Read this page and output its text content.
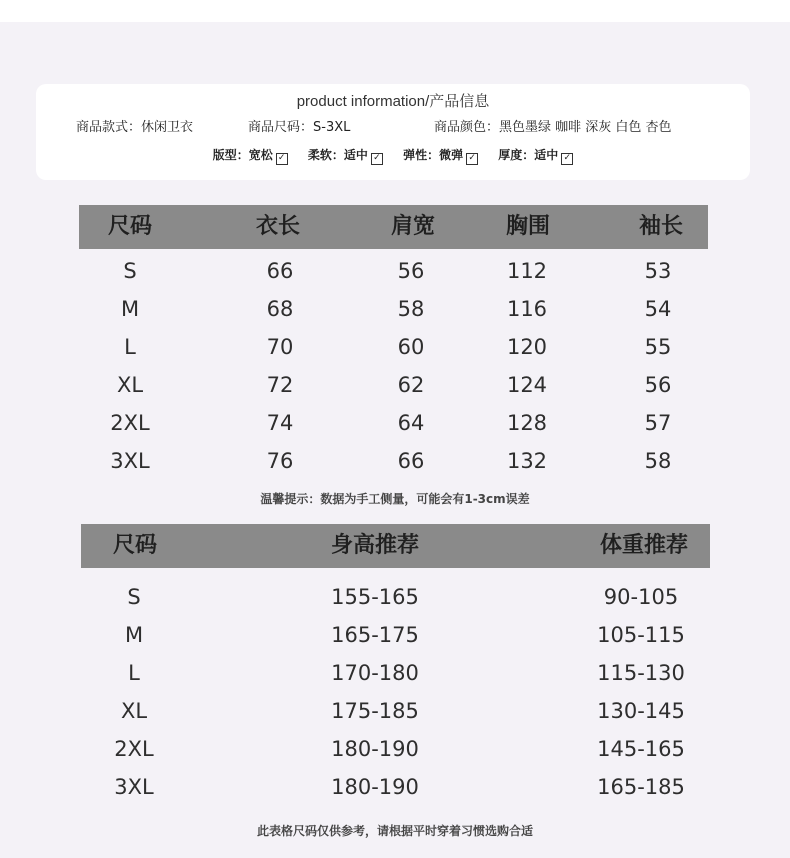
product information/产品信息
商品款式：休闲卫衣	商品尺码：S-3XL	商品颜色：黑色墨绿 咖啡 深灰 白色 杏色
版型：宽松 ✓ 柔软：适中 ✓ 弹性：微弹 ✓ 厚度：适中 ✓
尺码	衣长	肩宽	胸围	袖长
S	66	56	112	53
M	68	58	116	54
L	70	60	120	55
XL	72	62	124	56
2XL	74	64	128	57
3XL	76	66	132	58
温馨提示：数据为手工侧量，可能会有1-3cm误差
尺码	身高推荐	体重推荐
S	155-165	90-105
M	165-175	105-115
L	170-180	115-130
XL	175-185	130-145
2XL	180-190	145-165
3XL	180-190	165-185
此表格尺码仅供参考，请根据平时穿着习惯选购合适
